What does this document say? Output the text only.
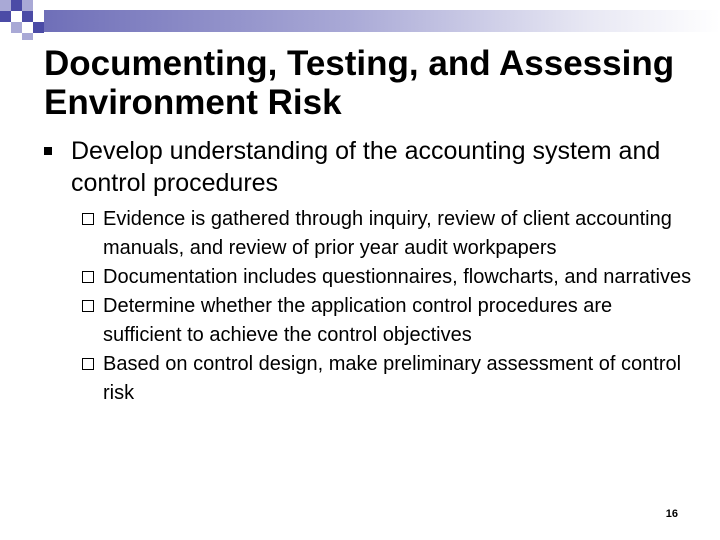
Documenting, Testing, and Assessing Environment Risk
Develop understanding of the accounting system and control procedures
Evidence is gathered through inquiry, review of client accounting manuals, and review of prior year audit workpapers
Documentation includes questionnaires, flowcharts, and narratives
Determine whether the application control procedures are sufficient to achieve the control objectives
Based on control design, make preliminary assessment of control risk
16
